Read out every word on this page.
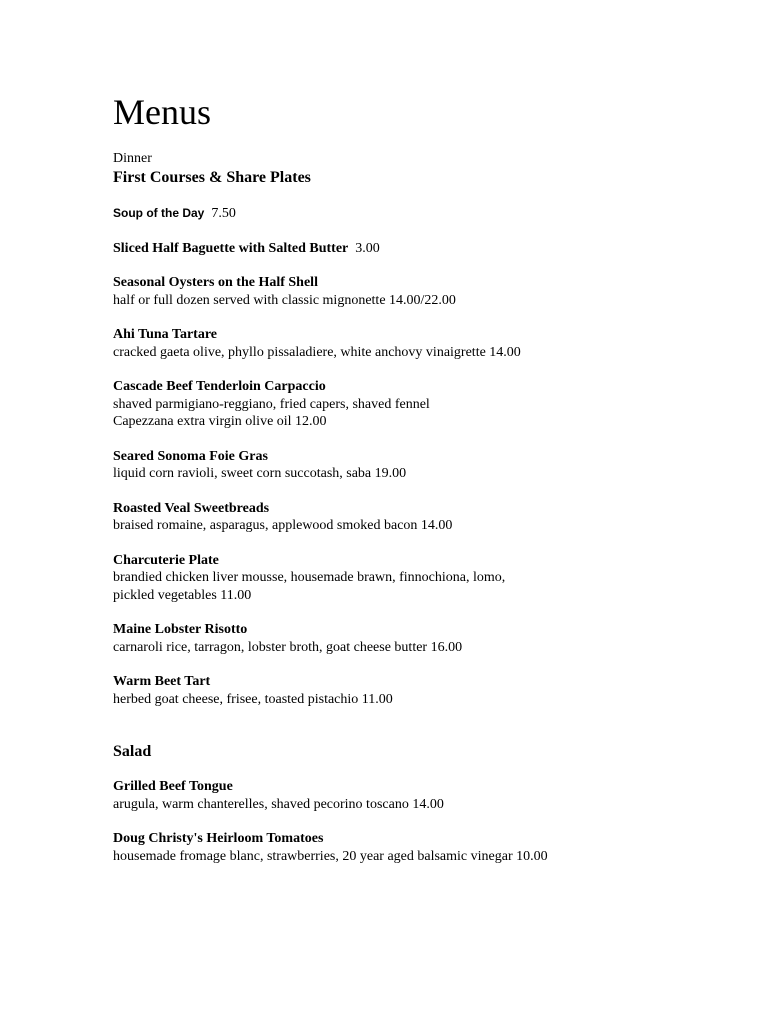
Menus
Dinner
First Courses & Share Plates
Soup of the Day 7.50
Sliced Half Baguette with Salted Butter 3.00
Seasonal Oysters on the Half Shell
half or full dozen served with classic mignonette 14.00/22.00
Ahi Tuna Tartare
cracked gaeta olive, phyllo pissaladiere, white anchovy vinaigrette 14.00
Cascade Beef Tenderloin Carpaccio
shaved parmigiano-reggiano, fried capers, shaved fennel
Capezzana extra virgin olive oil 12.00
Seared Sonoma Foie Gras
liquid corn ravioli, sweet corn succotash, saba 19.00
Roasted Veal Sweetbreads
braised romaine, asparagus, applewood smoked bacon 14.00
Charcuterie Plate
brandied chicken liver mousse, housemade brawn, finnochiona, lomo,
pickled vegetables 11.00
Maine Lobster Risotto
carnaroli rice, tarragon, lobster broth, goat cheese butter 16.00
Warm Beet Tart
herbed goat cheese, frisee, toasted pistachio 11.00
Salad
Grilled Beef Tongue
arugula, warm chanterelles, shaved pecorino toscano 14.00
Doug Christy's Heirloom Tomatoes
housemade fromage blanc, strawberries, 20 year aged balsamic vinegar 10.00
